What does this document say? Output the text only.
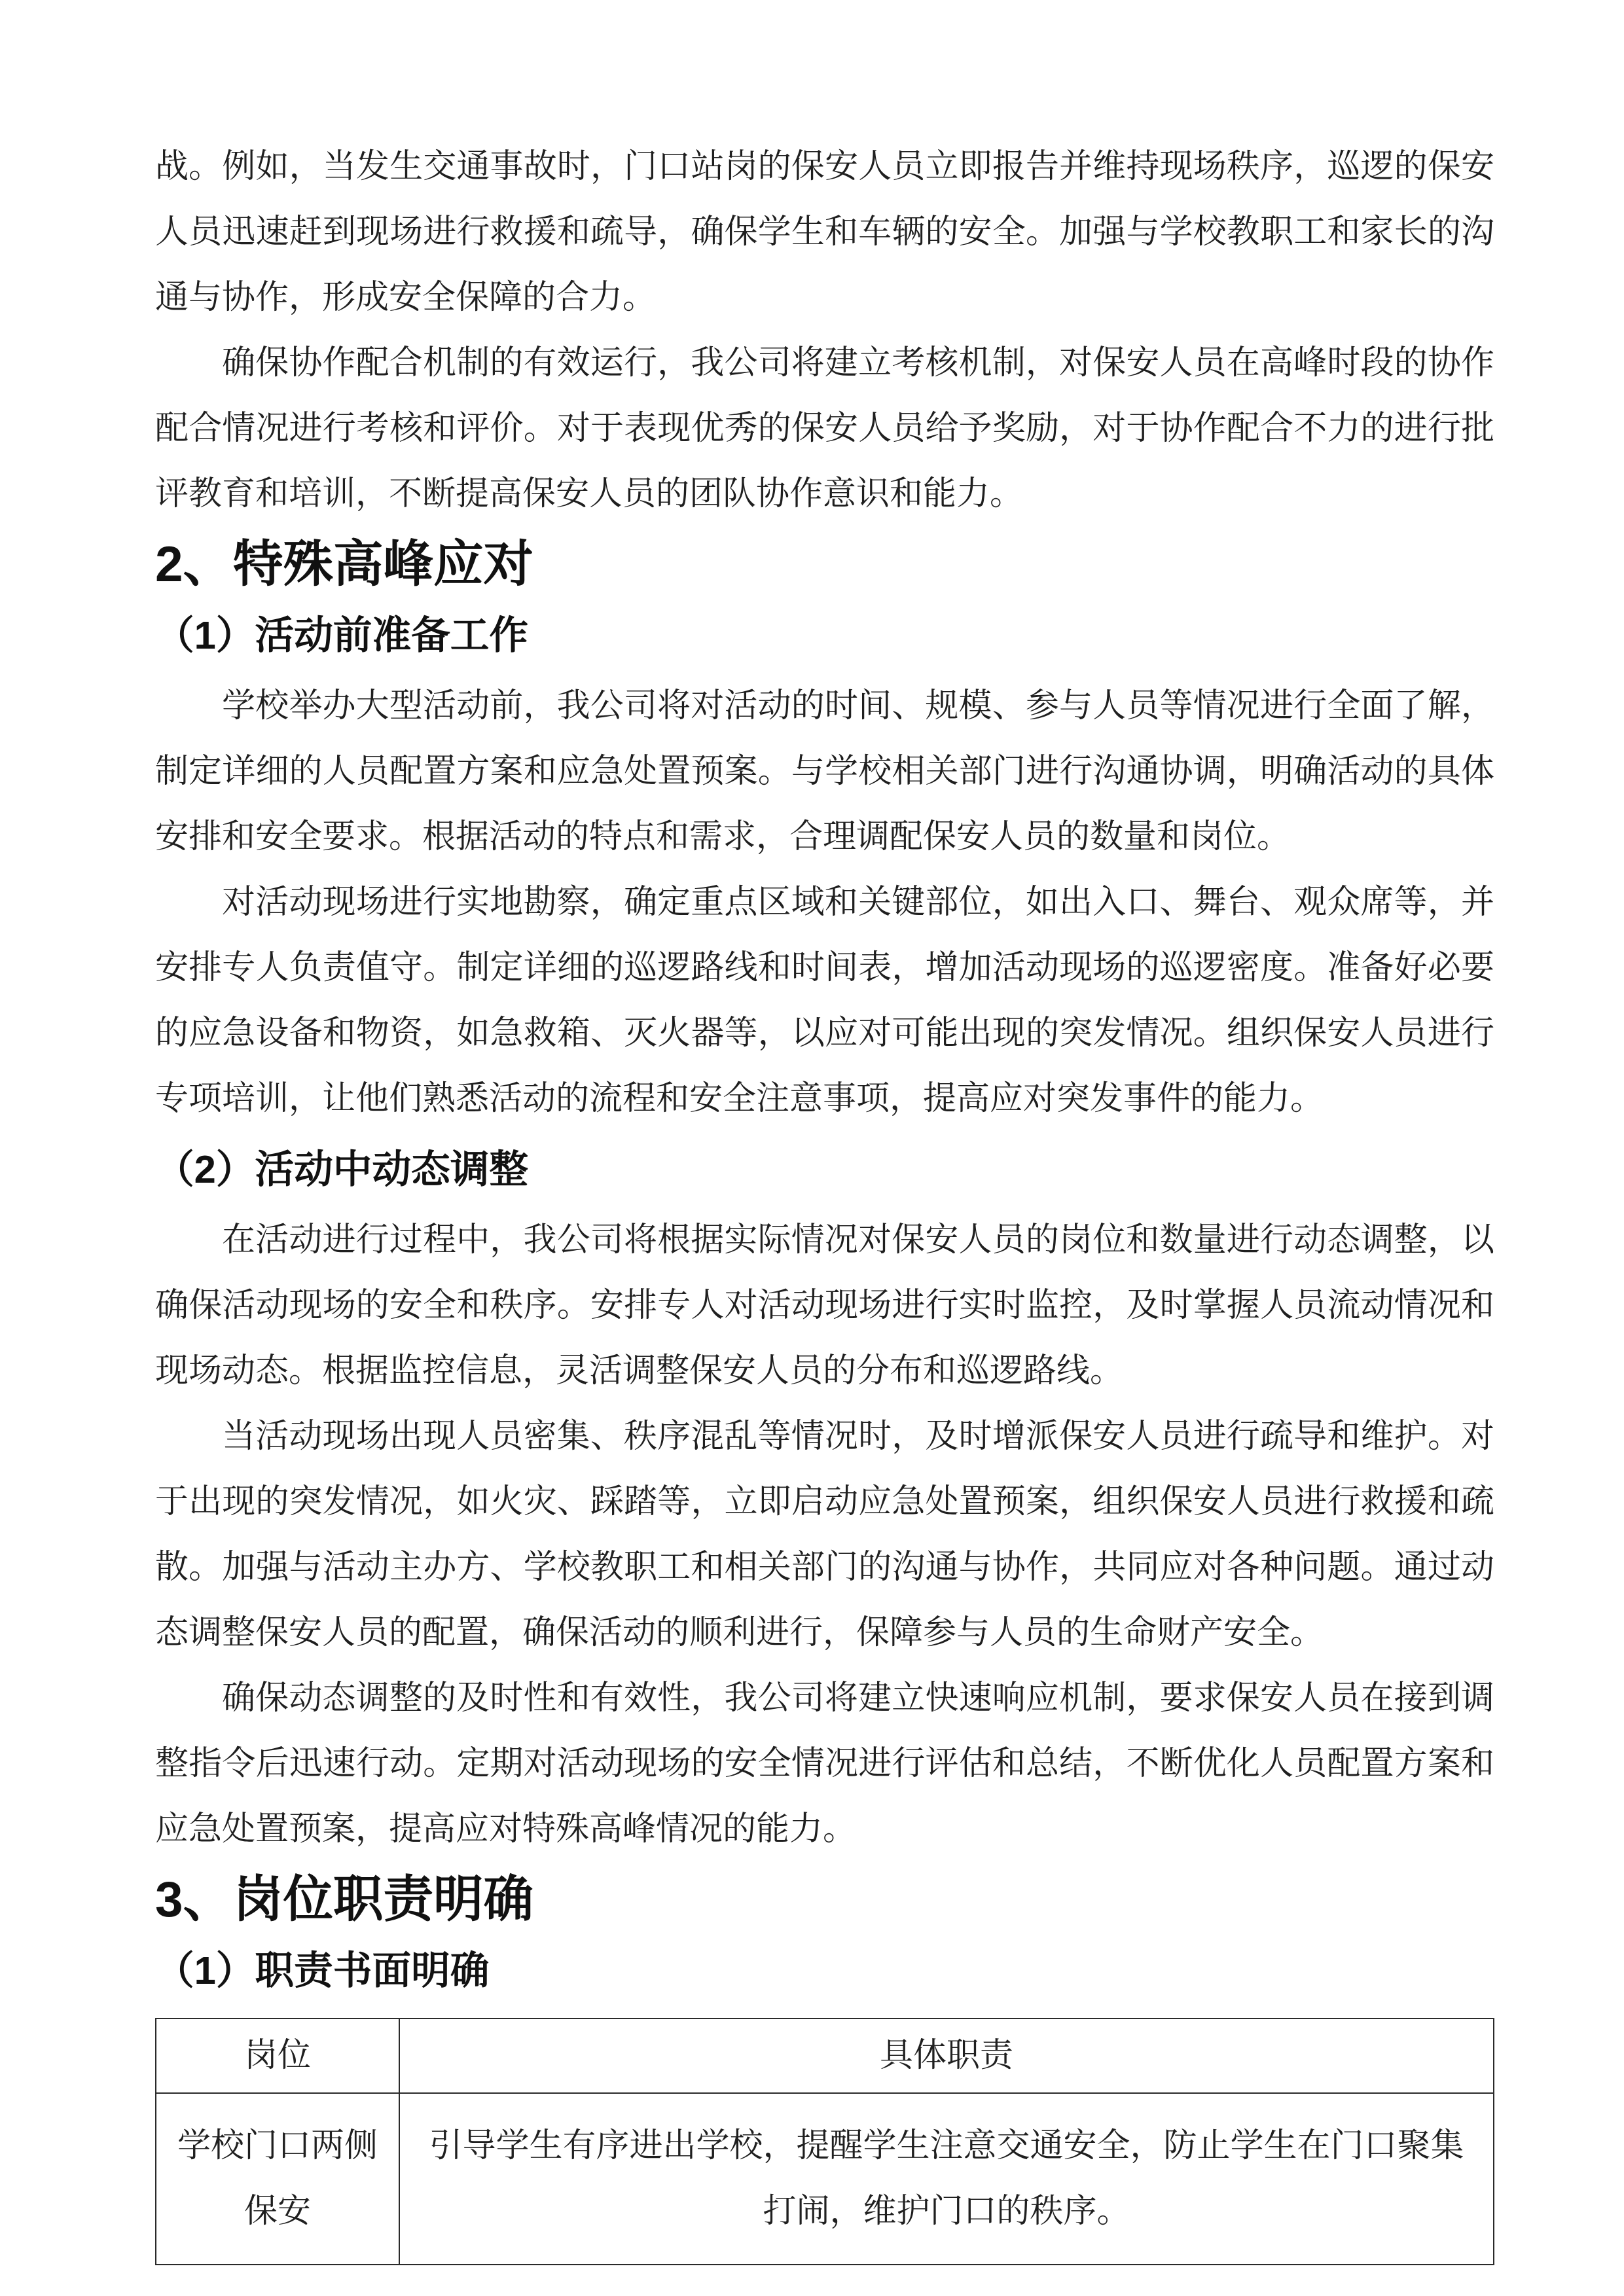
战。例如，当发生交通事故时，门口站岗的保安人员立即报告并维持现场秩序，巡逻的保安人员迅速赶到现场进行救援和疏导，确保学生和车辆的安全。加强与学校教职工和家长的沟通与协作，形成安全保障的合力。

确保协作配合机制的有效运行，我公司将建立考核机制，对保安人员在高峰时段的协作配合情况进行考核和评价。对于表现优秀的保安人员给予奖励，对于协作配合不力的进行批评教育和培训，不断提高保安人员的团队协作意识和能力。

2、特殊高峰应对
（1）活动前准备工作

学校举办大型活动前，我公司将对活动的时间、规模、参与人员等情况进行全面了解，制定详细的人员配置方案和应急处置预案。与学校相关部门进行沟通协调，明确活动的具体安排和安全要求。根据活动的特点和需求，合理调配保安人员的数量和岗位。

对活动现场进行实地勘察，确定重点区域和关键部位，如出入口、舞台、观众席等，并安排专人负责值守。制定详细的巡逻路线和时间表，增加活动现场的巡逻密度。准备好必要的应急设备和物资，如急救箱、灭火器等，以应对可能出现的突发情况。组织保安人员进行专项培训，让他们熟悉活动的流程和安全注意事项，提高应对突发事件的能力。

（2）活动中动态调整

在活动进行过程中，我公司将根据实际情况对保安人员的岗位和数量进行动态调整，以确保活动现场的安全和秩序。安排专人对活动现场进行实时监控，及时掌握人员流动情况和现场动态。根据监控信息，灵活调整保安人员的分布和巡逻路线。

当活动现场出现人员密集、秩序混乱等情况时，及时增派保安人员进行疏导和维护。对于出现的突发情况，如火灾、踩踏等，立即启动应急处置预案，组织保安人员进行救援和疏散。加强与活动主办方、学校教职工和相关部门的沟通与协作，共同应对各种问题。通过动态调整保安人员的配置，确保活动的顺利进行，保障参与人员的生命财产安全。

确保动态调整的及时性和有效性，我公司将建立快速响应机制，要求保安人员在接到调整指令后迅速行动。定期对活动现场的安全情况进行评估和总结，不断优化人员配置方案和应急处置预案，提高应对特殊高峰情况的能力。

3、岗位职责明确
（1）职责书面明确
岗位	具体职责
学校门口两侧保安	引导学生有序进出学校，提醒学生注意交通安全，防止学生在门口聚集打闹，维护门口的秩序。
